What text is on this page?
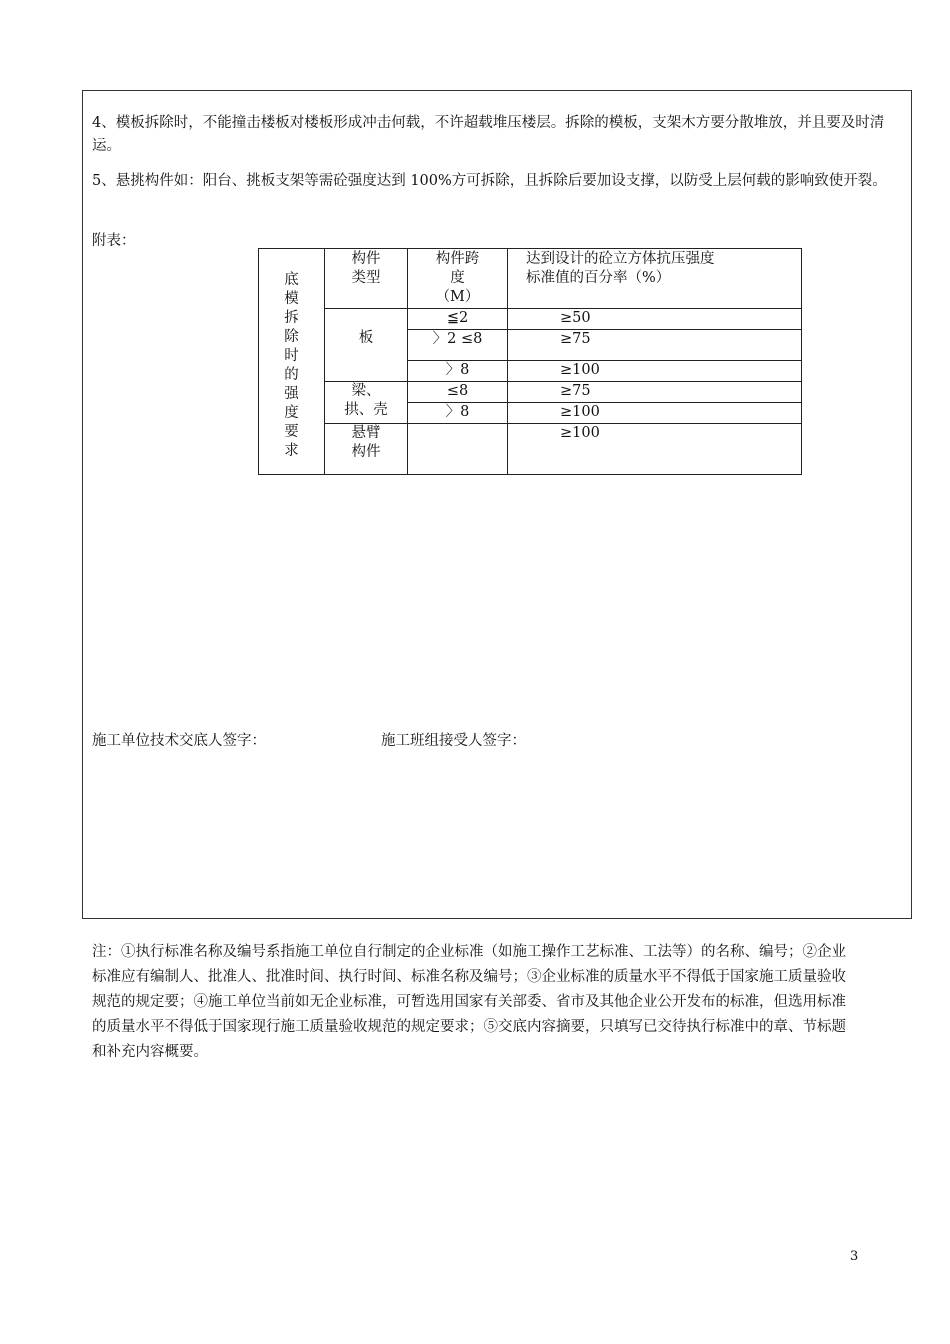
4、模板拆除时，不能撞击楼板对楼板形成冲击何载，不许超载堆压楼层。拆除的模板，支架木方要分散堆放，并且要及时清运。

5、悬挑构件如：阳台、挑板支架等需砼强度达到 100%方可拆除，且拆除后要加设支撑，以防受上层何载的影响致使开裂。

附表：

底模拆除时的强度要求	构件类型	构件跨度（M）	达到设计的砼立方体抗压强度标准值的百分率（%）

	板	≦2	≥50
		〉2 ≤8	≥75
		〉8	≥100

	梁、拱、壳	≤8	≥75
		〉8	≥100

	悬臂构件		≥100
施工单位技术交底人签字：	施工班组接受人签字：

注：①执行标准名称及编号系指施工单位自行制定的企业标准（如施工操作工艺标准、工法等）的名称、编号；②企业标准应有编制人、批准人、批准时间、执行时间、标准名称及编号；③企业标准的质量水平不得低于国家施工质量验收规范的规定要；④施工单位当前如无企业标准，可暂选用国家有关部委、省市及其他企业公开发布的标准，但选用标准的质量水平不得低于国家现行施工质量验收规范的规定要求；⑤交底内容摘要，只填写已交待执行标准中的章、节标题和补充内容概要。

3
